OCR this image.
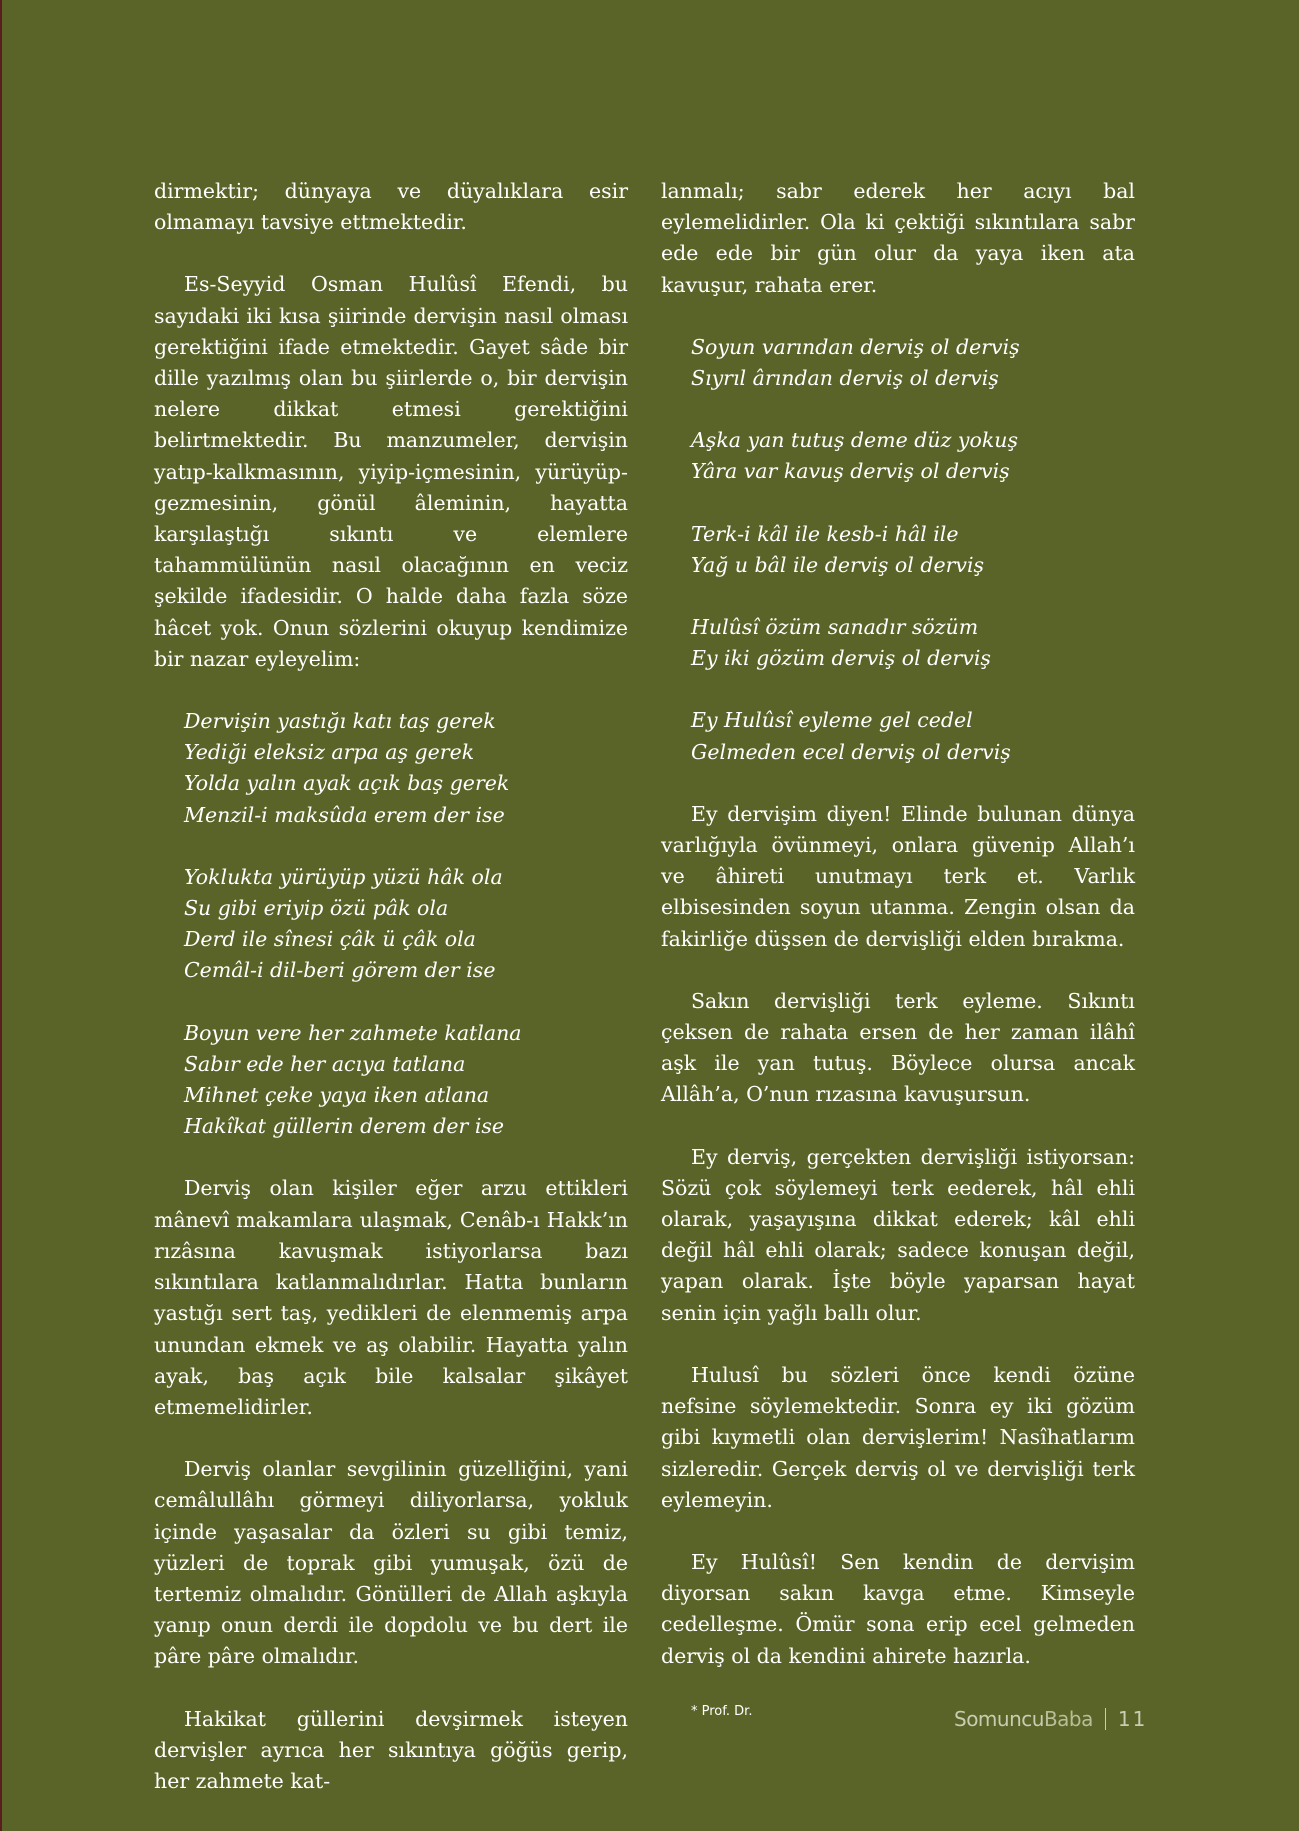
dirmektir; dünyaya ve düyalıklara esir olmamayı tavsiye ettmektedir.

Es-Seyyid Osman Hulûsî Efendi, bu sayıdaki iki kısa şiirinde dervişin nasıl olması gerektiğini ifade etmektedir. Gayet sâde bir dille yazılmış olan bu şiirlerde o, bir dervişin nelere dikkat etmesi gerektiğini belirtmektedir. Bu manzumeler, dervişin yatıp-kalkmasının, yiyip-içmesinin, yürüyüp-gezmesinin, gönül âleminin, hayatta karşılaştığı sıkıntı ve elemlere tahammülünün nasıl olacağının en veciz şekilde ifadesidir. O halde daha fazla söze hâcet yok. Onun sözlerini okuyup kendimize bir nazar eyleyelim:

Dervişin yastığı katı taş gerek
Yediği eleksiz arpa aş gerek
Yolda yalın ayak açık baş gerek
Menzil-i maksûda erem der ise
Yoklukta yürüyüp yüzü hâk ola
Su gibi eriyip özü pâk ola
Derd ile sînesi çâk ü çâk ola
Cemâl-i dil-beri görem der ise
Boyun vere her zahmete katlana
Sabır ede her acıya tatlana
Mihnet çeke yaya iken atlana
Hakîkat güllerin derem der ise

Derviş olan kişiler eğer arzu ettikleri mânevî makamlara ulaşmak, Cenâb-ı Hakk’ın rızâsına kavuşmak istiyorlarsa bazı sıkıntılara katlanmalıdırlar. Hatta bunların yastığı sert taş, yedikleri de elenmemiş arpa unundan ekmek ve aş olabilir. Hayatta yalın ayak, baş açık bile kalsalar şikâyet etmemelidirler.

Derviş olanlar sevgilinin güzelliğini, yani cemâlullâhı görmeyi diliyorlarsa, yokluk içinde yaşasalar da özleri su gibi temiz, yüzleri de toprak gibi yumuşak, özü de tertemiz olmalıdır. Gönülleri de Allah aşkıyla yanıp onun derdi ile dopdolu ve bu dert ile pâre pâre olmalıdır.

Hakikat güllerini devşirmek isteyen dervişler ayrıca her sıkıntıya göğüs gerip, her zahmete kat-

lanmalı; sabr ederek her acıyı bal eylemelidirler. Ola ki çektiği sıkıntılara sabr ede ede bir gün olur da yaya iken ata kavuşur, rahata erer.

Soyun varından derviş ol derviş
Sıyrıl ârından derviş ol derviş
Aşka yan tutuş deme düz yokuş
Yâra var kavuş derviş ol derviş
Terk-i kâl ile kesb-i hâl ile
Yağ u bâl ile derviş ol derviş
Hulûsî özüm sanadır sözüm
Ey iki gözüm derviş ol derviş
Ey Hulûsî eyleme gel cedel
Gelmeden ecel derviş ol derviş

Ey dervişim diyen! Elinde bulunan dünya varlığıyla övünmeyi, onlara güvenip Allah’ı ve âhireti unutmayı terk et. Varlık elbisesinden soyun utanma. Zengin olsan da fakirliğe düşsen de dervişliği elden bırakma.

Sakın dervişliği terk eyleme. Sıkıntı çeksen de rahata ersen de her zaman ilâhî aşk ile yan tutuş. Böylece olursa ancak Allâh’a, O’nun rızasına kavuşursun.

Ey derviş, gerçekten dervişliği istiyorsan: Sözü çok söylemeyi terk eederek, hâl ehli olarak, yaşayışına dikkat ederek; kâl ehli değil hâl ehli olarak; sadece konuşan değil, yapan olarak. İşte böyle yaparsan hayat senin için yağlı ballı olur.

Hulusî bu sözleri önce kendi özüne nefsine söylemektedir. Sonra ey iki gözüm gibi kıymetli olan dervişlerim! Nasîhatlarım sizleredir. Gerçek derviş ol ve dervişliği terk eylemeyin.

Ey Hulûsî! Sen kendin de dervişim diyorsan sakın kavga etme. Kimseyle cedelleşme. Ömür sona erip ecel gelmeden derviş ol da kendini ahirete hazırla.

* Prof. Dr.	Somuncu Baba 11
